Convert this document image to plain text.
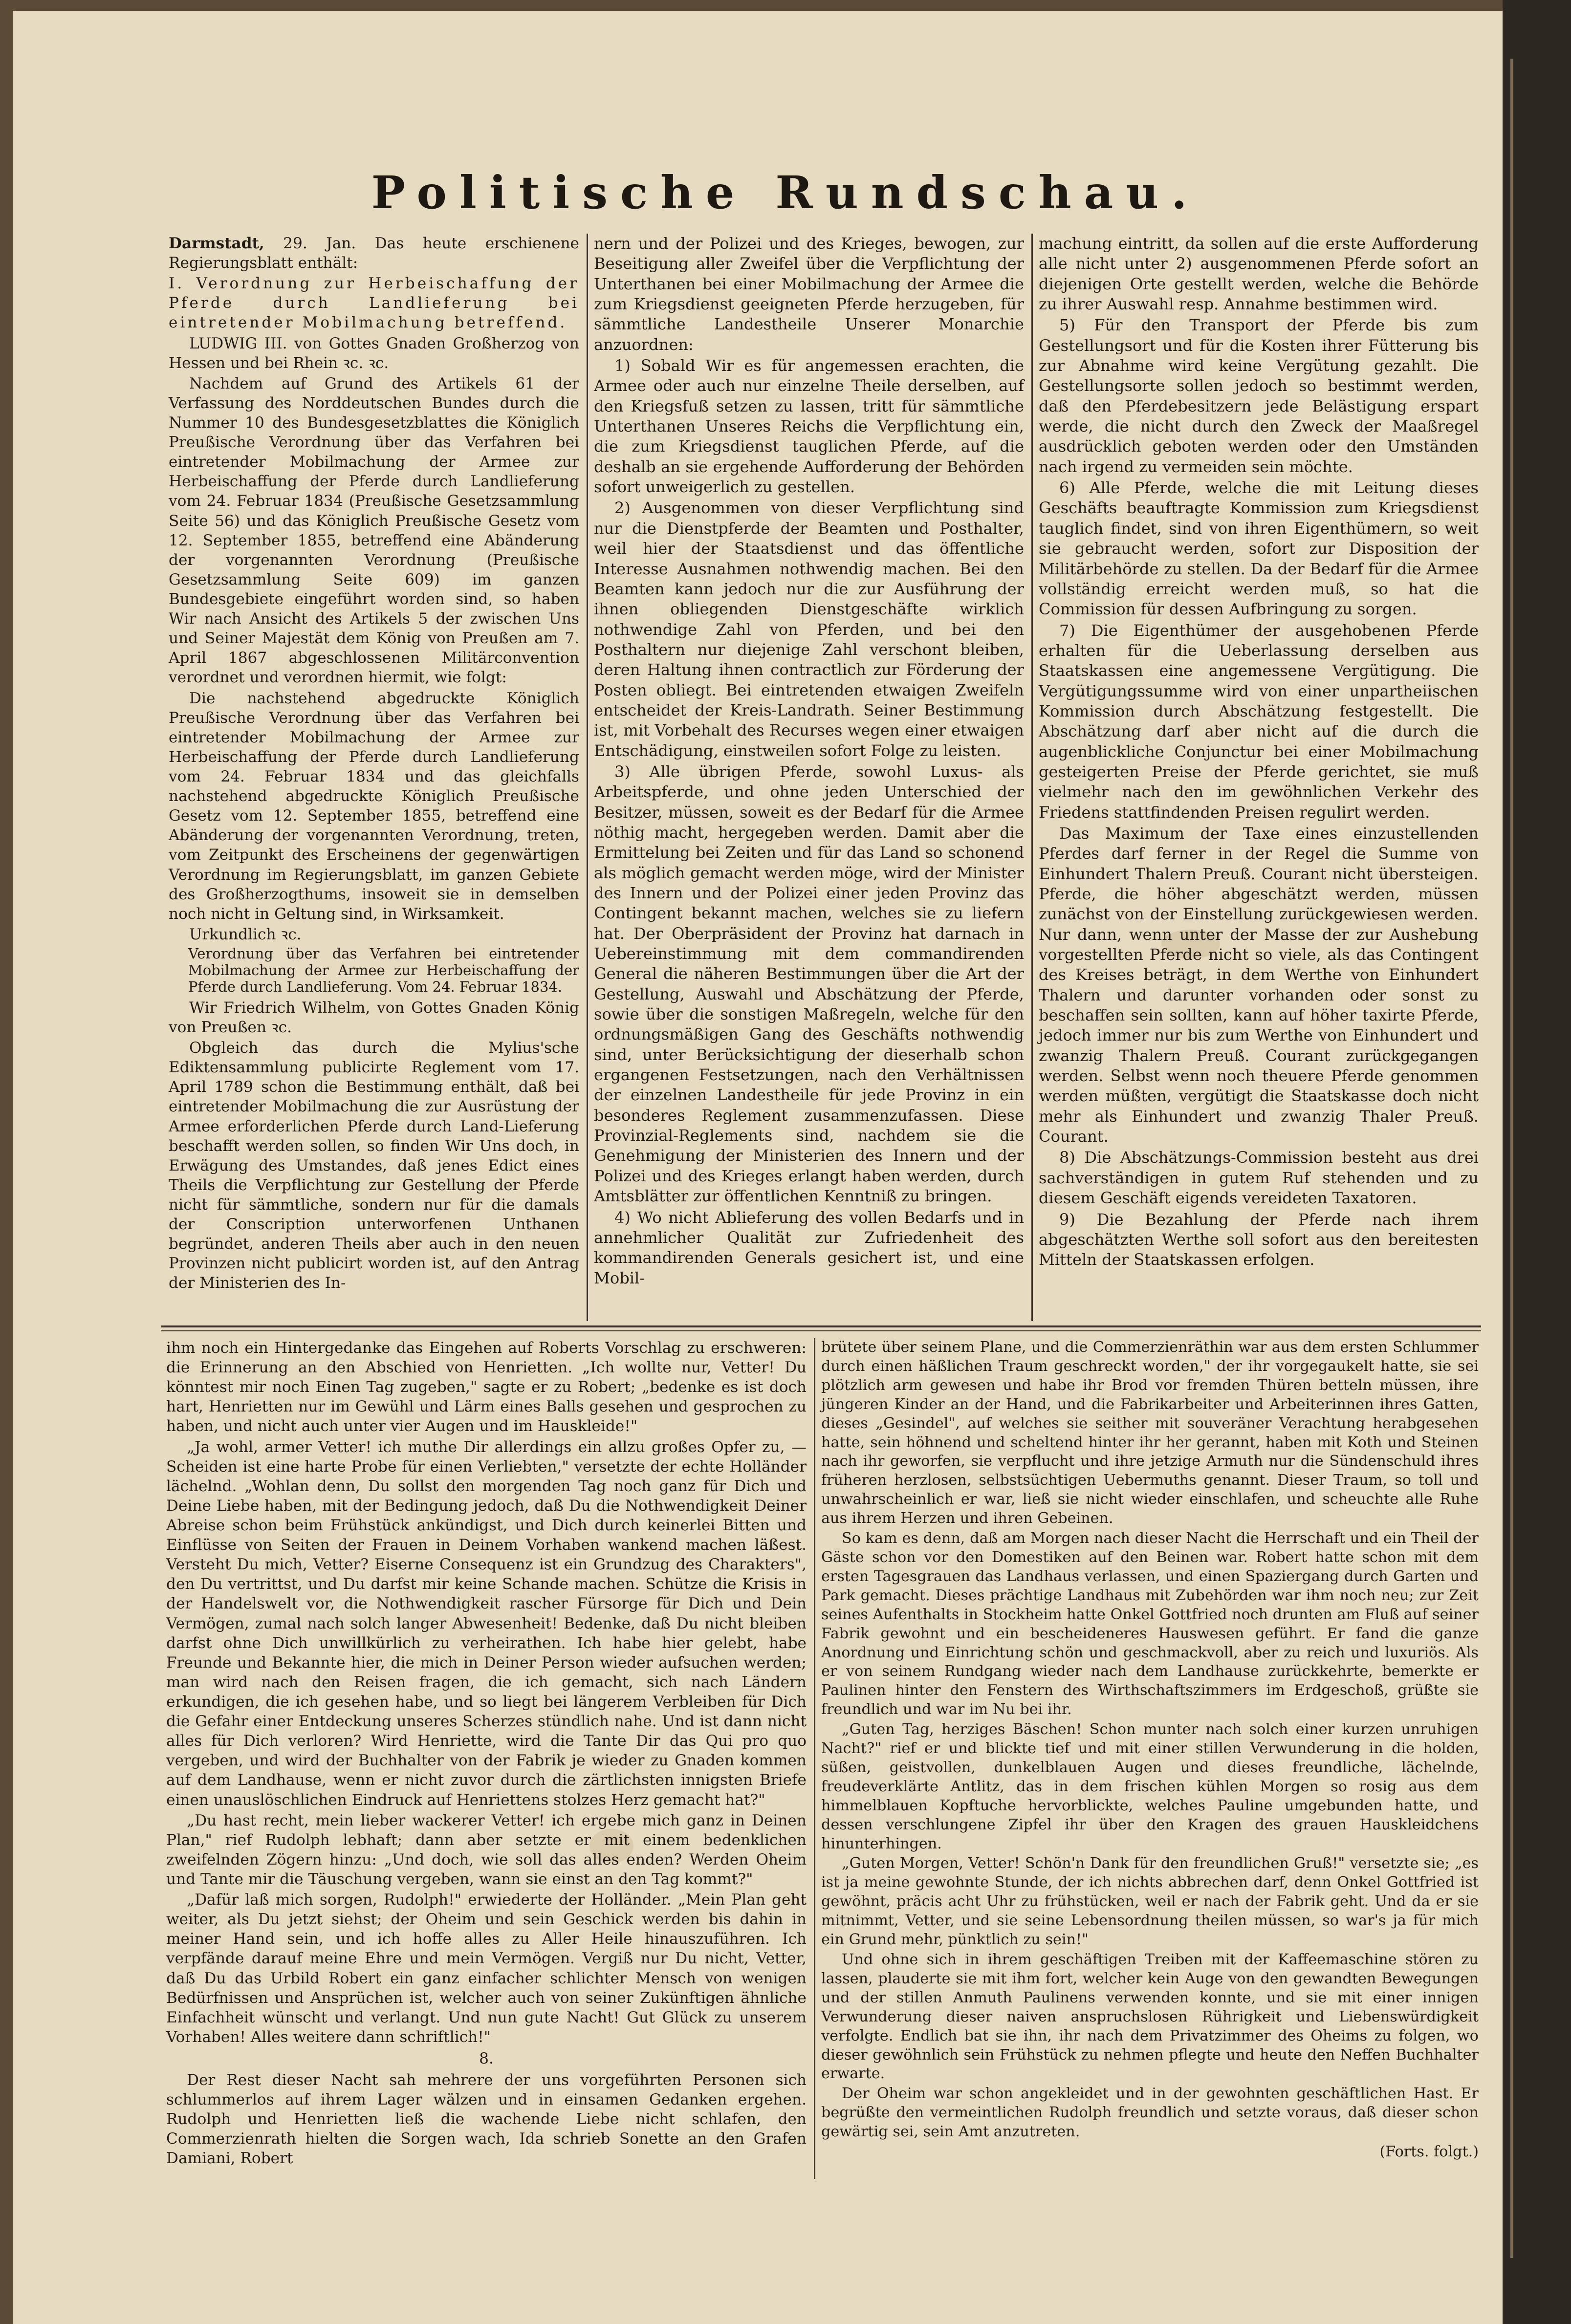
Politische Rundschau.

Darmstadt, 29. Jan. Das heute erschienene Regierungsblatt enthält:

I. Verordnung zur Herbeischaffung der Pferde durch Landlieferung bei eintretender Mobilmachung betreffend.

LUDWIG III. von Gottes Gnaden Großherzog von Hessen und bei Rhein ꝛc. ꝛc.

Nachdem auf Grund des Artikels 61 der Verfassung des Norddeutschen Bundes durch die Nummer 10 des Bundesgesetzblattes die Königlich Preußische Verordnung über das Verfahren bei eintretender Mobilmachung der Armee zur Herbeischaffung der Pferde durch Landlieferung vom 24. Februar 1834 (Preußische Gesetzsammlung Seite 56) und das Königlich Preußische Gesetz vom 12. September 1855, betreffend eine Abänderung der vorgenannten Verordnung (Preußische Gesetzsammlung Seite 609) im ganzen Bundesgebiete eingeführt worden sind, so haben Wir nach Ansicht des Artikels 5 der zwischen Uns und Seiner Majestät dem König von Preußen am 7. April 1867 abgeschlossenen Militärconvention verordnet und verordnen hiermit, wie folgt:

Die nachstehend abgedruckte Königlich Preußische Verordnung über das Verfahren bei eintretender Mobilmachung der Armee zur Herbeischaffung der Pferde durch Landlieferung vom 24. Februar 1834 und das gleichfalls nachstehend abgedruckte Königlich Preußische Gesetz vom 12. September 1855, betreffend eine Abänderung der vorgenannten Verordnung, treten, vom Zeitpunkt des Erscheinens der gegenwärtigen Verordnung im Regierungsblatt, im ganzen Gebiete des Großherzogthums, insoweit sie in demselben noch nicht in Geltung sind, in Wirksamkeit.

Urkundlich ꝛc.

Verordnung über das Verfahren bei eintretender Mobilmachung der Armee zur Herbeischaffung der Pferde durch Landlieferung. Vom 24. Februar 1834.

Wir Friedrich Wilhelm, von Gottes Gnaden König von Preußen ꝛc.

Obgleich das durch die Mylius'sche Ediktensammlung publicirte Reglement vom 17. April 1789 schon die Bestimmung enthält, daß bei eintretender Mobilmachung die zur Ausrüstung der Armee erforderlichen Pferde durch Land-Lieferung beschafft werden sollen, so finden Wir Uns doch, in Erwägung des Umstandes, daß jenes Edict eines Theils die Verpflichtung zur Gestellung der Pferde nicht für sämmtliche, sondern nur für die damals der Conscription unterworfenen Unthanen begründet, anderen Theils aber auch in den neuen Provinzen nicht publicirt worden ist, auf den Antrag der Ministerien des In-

nern und der Polizei und des Krieges, bewogen, zur Beseitigung aller Zweifel über die Verpflichtung der Unterthanen bei einer Mobilmachung der Armee die zum Kriegsdienst geeigneten Pferde herzugeben, für sämmtliche Landestheile Unserer Monarchie anzuordnen:

1) Sobald Wir es für angemessen erachten, die Armee oder auch nur einzelne Theile derselben, auf den Kriegsfuß setzen zu lassen, tritt für sämmtliche Unterthanen Unseres Reichs die Verpflichtung ein, die zum Kriegsdienst tauglichen Pferde, auf die deshalb an sie ergehende Aufforderung der Behörden sofort unweigerlich zu gestellen.

2) Ausgenommen von dieser Verpflichtung sind nur die Dienstpferde der Beamten und Posthalter, weil hier der Staatsdienst und das öffentliche Interesse Ausnahmen nothwendig machen. Bei den Beamten kann jedoch nur die zur Ausführung der ihnen obliegenden Dienstgeschäfte wirklich nothwendige Zahl von Pferden, und bei den Posthaltern nur diejenige Zahl verschont bleiben, deren Haltung ihnen contractlich zur Förderung der Posten obliegt. Bei eintretenden etwaigen Zweifeln entscheidet der Kreis-Landrath. Seiner Bestimmung ist, mit Vorbehalt des Recurses wegen einer etwaigen Entschädigung, einstweilen sofort Folge zu leisten.

3) Alle übrigen Pferde, sowohl Luxus- als Arbeitspferde, und ohne jeden Unterschied der Besitzer, müssen, soweit es der Bedarf für die Armee nöthig macht, hergegeben werden. Damit aber die Ermittelung bei Zeiten und für das Land so schonend als möglich gemacht werden möge, wird der Minister des Innern und der Polizei einer jeden Provinz das Contingent bekannt machen, welches sie zu liefern hat. Der Oberpräsident der Provinz hat darnach in Uebereinstimmung mit dem commandirenden General die näheren Bestimmungen über die Art der Gestellung, Auswahl und Abschätzung der Pferde, sowie über die sonstigen Maßregeln, welche für den ordnungsmäßigen Gang des Geschäfts nothwendig sind, unter Berücksichtigung der dieserhalb schon ergangenen Festsetzungen, nach den Verhältnissen der einzelnen Landestheile für jede Provinz in ein besonderes Reglement zusammenzufassen. Diese Provinzial-Reglements sind, nachdem sie die Genehmigung der Ministerien des Innern und der Polizei und des Krieges erlangt haben werden, durch Amtsblätter zur öffentlichen Kenntniß zu bringen.

4) Wo nicht Ablieferung des vollen Bedarfs und in annehmlicher Qualität zur Zufriedenheit des kommandirenden Generals gesichert ist, und eine Mobil-

machung eintritt, da sollen auf die erste Aufforderung alle nicht unter 2) ausgenommenen Pferde sofort an diejenigen Orte gestellt werden, welche die Behörde zu ihrer Auswahl resp. Annahme bestimmen wird.

5) Für den Transport der Pferde bis zum Gestellungsort und für die Kosten ihrer Fütterung bis zur Abnahme wird keine Vergütung gezahlt. Die Gestellungsorte sollen jedoch so bestimmt werden, daß den Pferdebesitzern jede Belästigung erspart werde, die nicht durch den Zweck der Maaßregel ausdrücklich geboten werden oder den Umständen nach irgend zu vermeiden sein möchte.

6) Alle Pferde, welche die mit Leitung dieses Geschäfts beauftragte Kommission zum Kriegsdienst tauglich findet, sind von ihren Eigenthümern, so weit sie gebraucht werden, sofort zur Disposition der Militärbehörde zu stellen. Da der Bedarf für die Armee vollständig erreicht werden muß, so hat die Commission für dessen Aufbringung zu sorgen.

7) Die Eigenthümer der ausgehobenen Pferde erhalten für die Ueberlassung derselben aus Staatskassen eine angemessene Vergütigung. Die Vergütigungssumme wird von einer unpartheiischen Kommission durch Abschätzung festgestellt. Die Abschätzung darf aber nicht auf die durch die augenblickliche Conjunctur bei einer Mobilmachung gesteigerten Preise der Pferde gerichtet, sie muß vielmehr nach den im gewöhnlichen Verkehr des Friedens stattfindenden Preisen regulirt werden.

Das Maximum der Taxe eines einzustellenden Pferdes darf ferner in der Regel die Summe von Einhundert Thalern Preuß. Courant nicht übersteigen. Pferde, die höher abgeschätzt werden, müssen zunächst von der Einstellung zurückgewiesen werden. Nur dann, wenn unter der Masse der zur Aushebung vorgestellten Pferde nicht so viele, als das Contingent des Kreises beträgt, in dem Werthe von Einhundert Thalern und darunter vorhanden oder sonst zu beschaffen sein sollten, kann auf höher taxirte Pferde, jedoch immer nur bis zum Werthe von Einhundert und zwanzig Thalern Preuß. Courant zurückgegangen werden. Selbst wenn noch theuere Pferde genommen werden müßten, vergütigt die Staatskasse doch nicht mehr als Einhundert und zwanzig Thaler Preuß. Courant.

8) Die Abschätzungs-Commission besteht aus drei sachverständigen in gutem Ruf stehenden und zu diesem Geschäft eigends vereideten Taxatoren.

9) Die Bezahlung der Pferde nach ihrem abgeschätzten Werthe soll sofort aus den bereitesten Mitteln der Staatskassen erfolgen.

ihm noch ein Hintergedanke das Eingehen auf Roberts Vorschlag zu erschweren: die Erinnerung an den Abschied von Henrietten. „Ich wollte nur, Vetter! Du könntest mir noch Einen Tag zugeben," sagte er zu Robert; „bedenke es ist doch hart, Henrietten nur im Gewühl und Lärm eines Balls gesehen und gesprochen zu haben, und nicht auch unter vier Augen und im Hauskleide!"

„Ja wohl, armer Vetter! ich muthe Dir allerdings ein allzu großes Opfer zu, — Scheiden ist eine harte Probe für einen Verliebten," versetzte der echte Holländer lächelnd. „Wohlan denn, Du sollst den morgenden Tag noch ganz für Dich und Deine Liebe haben, mit der Bedingung jedoch, daß Du die Nothwendigkeit Deiner Abreise schon beim Frühstück ankündigst, und Dich durch keinerlei Bitten und Einflüsse von Seiten der Frauen in Deinem Vorhaben wankend machen läßest. Versteht Du mich, Vetter? Eiserne Consequenz ist ein Grundzug des Charakters", den Du vertrittst, und Du darfst mir keine Schande machen. Schütze die Krisis in der Handelswelt vor, die Nothwendigkeit rascher Fürsorge für Dich und Dein Vermögen, zumal nach solch langer Abwesenheit! Bedenke, daß Du nicht bleiben darfst ohne Dich unwillkürlich zu verheirathen. Ich habe hier gelebt, habe Freunde und Bekannte hier, die mich in Deiner Person wieder aufsuchen werden; man wird nach den Reisen fragen, die ich gemacht, sich nach Ländern erkundigen, die ich gesehen habe, und so liegt bei längerem Verbleiben für Dich die Gefahr einer Entdeckung unseres Scherzes stündlich nahe. Und ist dann nicht alles für Dich verloren? Wird Henriette, wird die Tante Dir das Qui pro quo vergeben, und wird der Buchhalter von der Fabrik je wieder zu Gnaden kommen auf dem Landhause, wenn er nicht zuvor durch die zärtlichsten innigsten Briefe einen unauslöschlichen Eindruck auf Henriettens stolzes Herz gemacht hat?"

„Du hast recht, mein lieber wackerer Vetter! ich ergebe mich ganz in Deinen Plan," rief Rudolph lebhaft; dann aber setzte er mit einem bedenklichen zweifelnden Zögern hinzu: „Und doch, wie soll das alles enden? Werden Oheim und Tante mir die Täuschung vergeben, wann sie einst an den Tag kommt?"

„Dafür laß mich sorgen, Rudolph!" erwiederte der Holländer. „Mein Plan geht weiter, als Du jetzt siehst; der Oheim und sein Geschick werden bis dahin in meiner Hand sein, und ich hoffe alles zu Aller Heile hinauszuführen. Ich verpfände darauf meine Ehre und mein Vermögen. Vergiß nur Du nicht, Vetter, daß Du das Urbild Robert ein ganz einfacher schlichter Mensch von wenigen Bedürfnissen und Ansprüchen ist, welcher auch von seiner Zukünftigen ähnliche Einfachheit wünscht und verlangt. Und nun gute Nacht! Gut Glück zu unserem Vorhaben! Alles weitere dann schriftlich!"

8.

Der Rest dieser Nacht sah mehrere der uns vorgeführten Personen sich schlummerlos auf ihrem Lager wälzen und in einsamen Gedanken ergehen. Rudolph und Henrietten ließ die wachende Liebe nicht schlafen, den Commerzienrath hielten die Sorgen wach, Ida schrieb Sonette an den Grafen Damiani, Robert

brütete über seinem Plane, und die Commerzienräthin war aus dem ersten Schlummer durch einen häßlichen Traum geschreckt worden," der ihr vorgegaukelt hatte, sie sei plötzlich arm gewesen und habe ihr Brod vor fremden Thüren betteln müssen, ihre jüngeren Kinder an der Hand, und die Fabrikarbeiter und Arbeiterinnen ihres Gatten, dieses „Gesindel", auf welches sie seither mit souveräner Verachtung herabgesehen hatte, sein höhnend und scheltend hinter ihr her gerannt, haben mit Koth und Steinen nach ihr geworfen, sie verpflucht und ihre jetzige Armuth nur die Sündenschuld ihres früheren herzlosen, selbstsüchtigen Uebermuths genannt. Dieser Traum, so toll und unwahrscheinlich er war, ließ sie nicht wieder einschlafen, und scheuchte alle Ruhe aus ihrem Herzen und ihren Gebeinen.

So kam es denn, daß am Morgen nach dieser Nacht die Herrschaft und ein Theil der Gäste schon vor den Domestiken auf den Beinen war. Robert hatte schon mit dem ersten Tagesgrauen das Landhaus verlassen, und einen Spaziergang durch Garten und Park gemacht. Dieses prächtige Landhaus mit Zubehörden war ihm noch neu; zur Zeit seines Aufenthalts in Stockheim hatte Onkel Gottfried noch drunten am Fluß auf seiner Fabrik gewohnt und ein bescheideneres Hauswesen geführt. Er fand die ganze Anordnung und Einrichtung schön und geschmackvoll, aber zu reich und luxuriös. Als er von seinem Rundgang wieder nach dem Landhause zurückkehrte, bemerkte er Paulinen hinter den Fenstern des Wirthschaftszimmers im Erdgeschoß, grüßte sie freundlich und war im Nu bei ihr.

„Guten Tag, herziges Bäschen! Schon munter nach solch einer kurzen unruhigen Nacht?" rief er und blickte tief und mit einer stillen Verwunderung in die holden, süßen, geistvollen, dunkelblauen Augen und dieses freundliche, lächelnde, freudeverklärte Antlitz, das in dem frischen kühlen Morgen so rosig aus dem himmelblauen Kopftuche hervorblickte, welches Pauline umgebunden hatte, und dessen verschlungene Zipfel ihr über den Kragen des grauen Hauskleidchens hinunterhingen.

„Guten Morgen, Vetter! Schön'n Dank für den freundlichen Gruß!" versetzte sie; „es ist ja meine gewohnte Stunde, der ich nichts abbrechen darf, denn Onkel Gottfried ist gewöhnt, präcis acht Uhr zu frühstücken, weil er nach der Fabrik geht. Und da er sie mitnimmt, Vetter, und sie seine Lebensordnung theilen müssen, so war's ja für mich ein Grund mehr, pünktlich zu sein!"

Und ohne sich in ihrem geschäftigen Treiben mit der Kaffeemaschine stören zu lassen, plauderte sie mit ihm fort, welcher kein Auge von den gewandten Bewegungen und der stillen Anmuth Paulinens verwenden konnte, und sie mit einer innigen Verwunderung dieser naiven anspruchslosen Rührigkeit und Liebenswürdigkeit verfolgte. Endlich bat sie ihn, ihr nach dem Privatzimmer des Oheims zu folgen, wo dieser gewöhnlich sein Frühstück zu nehmen pflegte und heute den Neffen Buchhalter erwarte.

Der Oheim war schon angekleidet und in der gewohnten geschäftlichen Hast. Er begrüßte den vermeintlichen Rudolph freundlich und setzte voraus, daß dieser schon gewärtig sei, sein Amt anzutreten.

(Forts. folgt.)
